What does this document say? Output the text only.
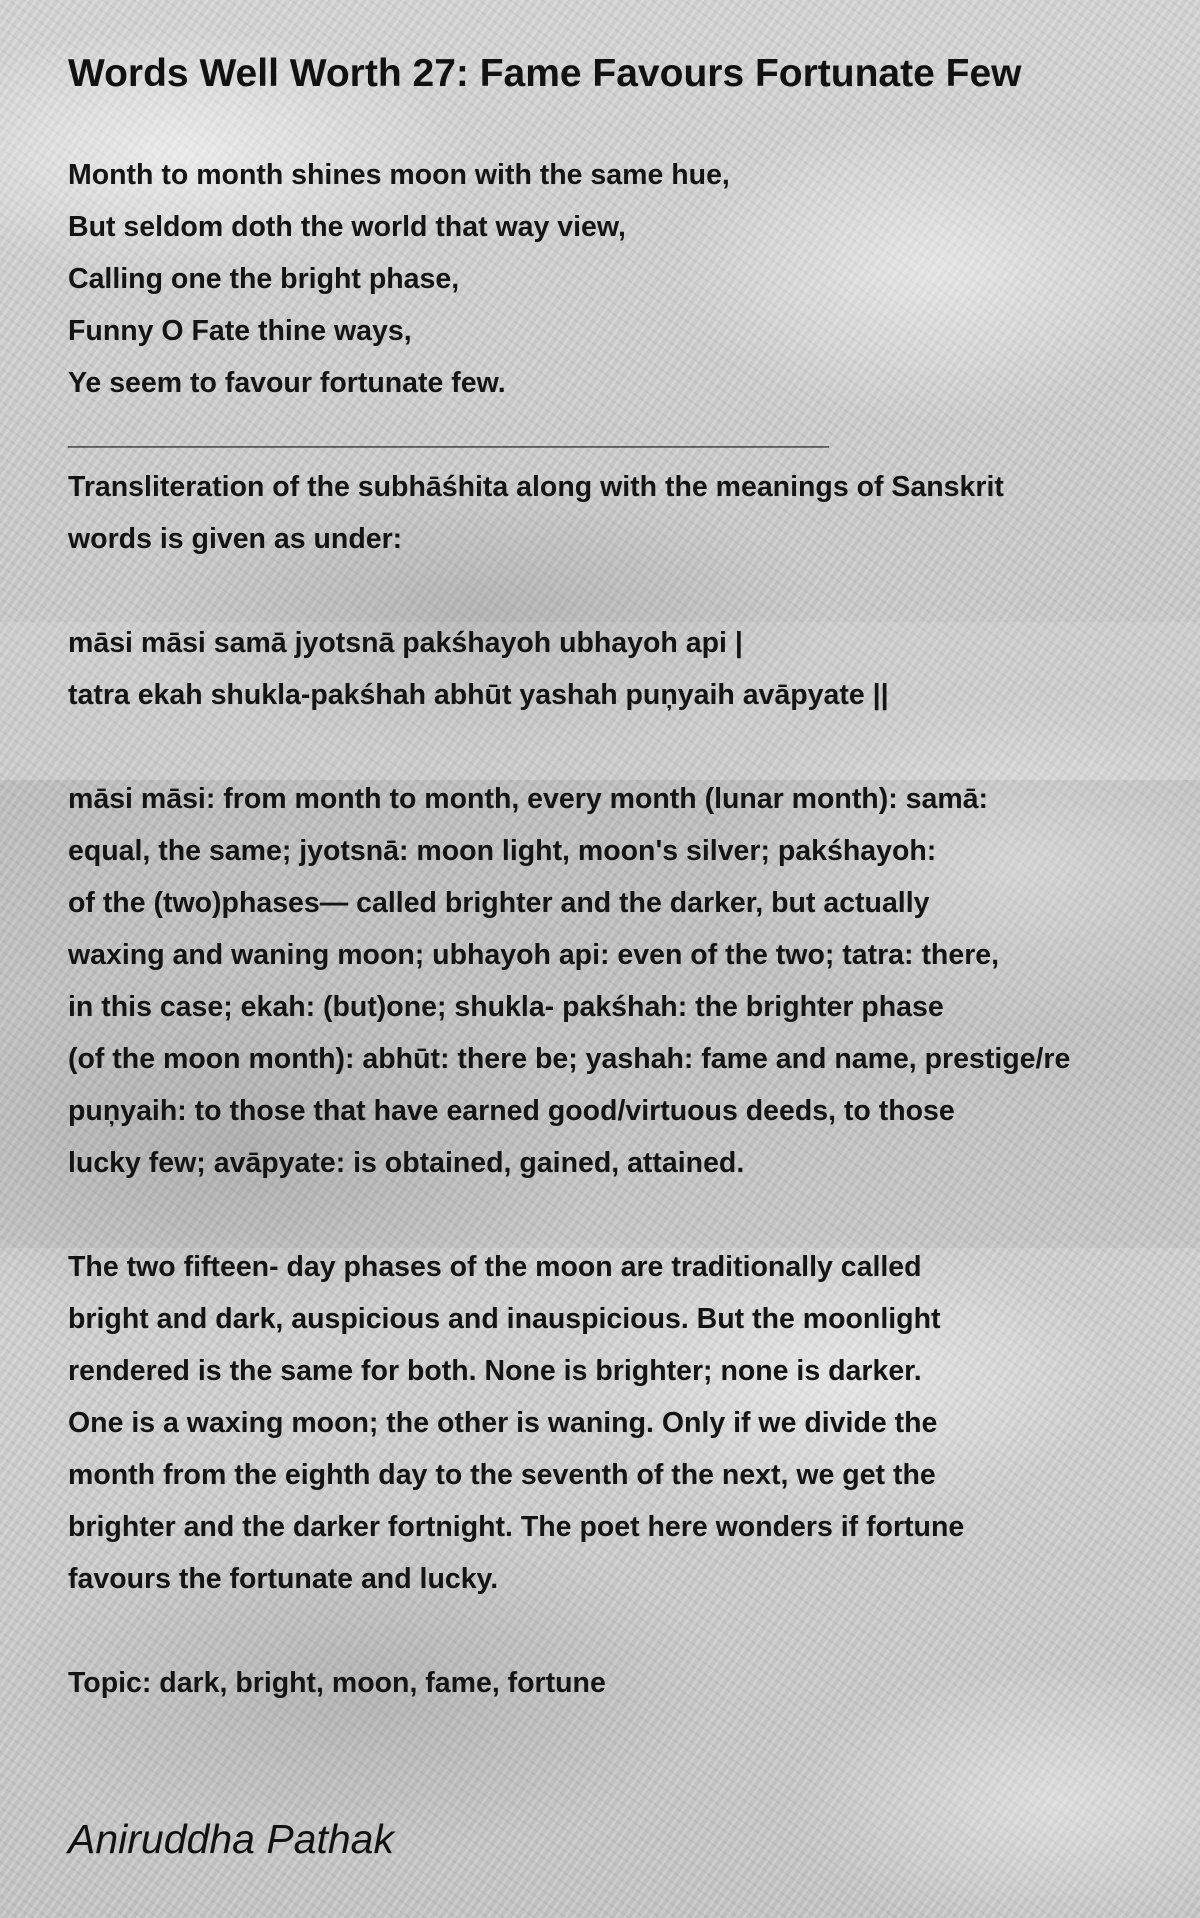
Words Well Worth 27: Fame Favours Fortunate Few
Month to month shines moon with the same hue,
But seldom doth the world that way view,
Calling one the bright phase,
Funny O Fate thine ways,
Ye seem to favour fortunate few.
________________________________________________
Transliteration of the subhāśhita along with the meanings of Sanskrit
words is given as under:
māsi māsi samā jyotsnā pakśhayoh ubhayoh api |
tatra ekah shukla-pakśhah abhūt yashah puņyaih avāpyate ||
māsi māsi: from month to month, every month (lunar month): samā:
equal, the same; jyotsnā: moon light, moon's silver; pakśhayoh:
of the (two)phases— called brighter and the darker, but actually
waxing and waning moon; ubhayoh api: even of the two; tatra: there,
in this case; ekah: (but)one; shukla- pakśhah: the brighter phase
(of the moon month): abhūt: there be; yashah: fame and name, prestige/re
puņyaih: to those that have earned good/virtuous deeds, to those
lucky few; avāpyate: is obtained, gained, attained.
The two fifteen- day phases of the moon are traditionally called
bright and dark, auspicious and inauspicious. But the moonlight
rendered is the same for both. None is brighter; none is darker.
One is a waxing moon; the other is waning. Only if we divide the
month from the eighth day to the seventh of the next, we get the
brighter and the darker fortnight. The poet here wonders if fortune
favours the fortunate and lucky.
Topic: dark, bright, moon, fame, fortune
Aniruddha Pathak
